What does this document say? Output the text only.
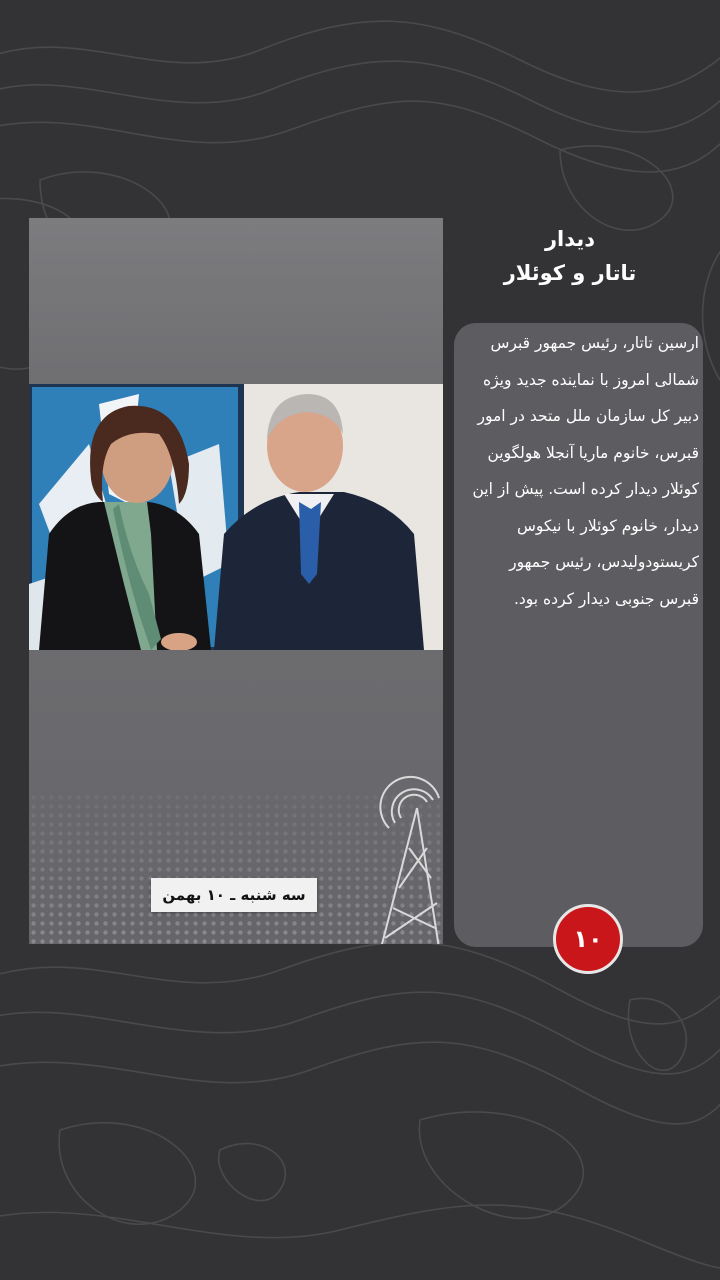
سه شنبه ـ ۱۰ بهمن
دیدار
تاتار و کوئلار
ارسین تاتار، رئیس جمهور قبرس شمالی امروز با نماینده جدید ویژه دبیر کل سازمان ملل متحد در امور قبرس، خانوم ماریا آنجلا هولگوین کوئلار دیدار کرده است. پیش از این دیدار، خانوم کوئلار با نیکوس کریستودولیدس، رئیس جمهور قبرس جنوبی دیدار کرده بود.
۱۰
